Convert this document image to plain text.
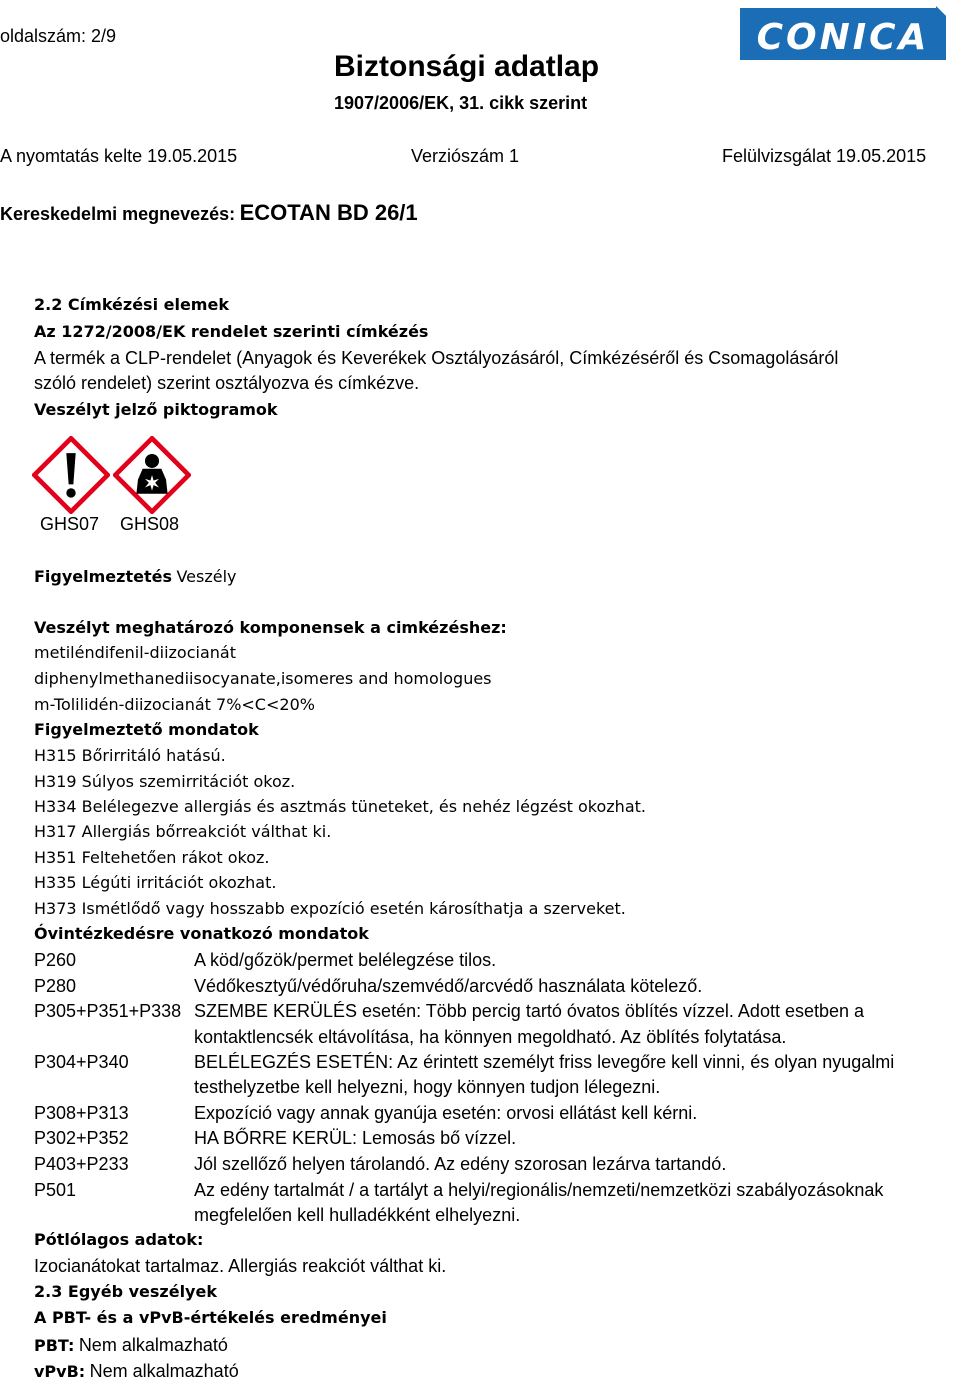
oldalszám: 2/9
Biztonsági adatlap
1907/2006/EK, 31. cikk szerint
CONICA
A nyomtatás kelte 19.05.2015	Verziószám 1	Felülvizsgálat 19.05.2015
Kereskedelmi megnevezés: ECOTAN BD 26/1
2.2 Címkézési elemek
Az 1272/2008/EK rendelet szerinti címkézés
A termék a CLP-rendelet (Anyagok és Keverékek Osztályozásáról, Címkézéséről és Csomagolásáról
szóló rendelet) szerint osztályozva és címkézve.
Veszélyt jelző piktogramok
GHS07 GHS08
Figyelmeztetés Veszély
Veszélyt meghatározó komponensek a cimkézéshez:
metiléndifenil-diizocianát
diphenylmethanediisocyanate,isomeres and homologues
m-Tolilidén-diizocianát 7%<C<20%
Figyelmeztető mondatok
H315 Bőrirritáló hatású.
H319 Súlyos szemirritációt okoz.
H334 Belélegezve allergiás és asztmás tüneteket, és nehéz légzést okozhat.
H317 Allergiás bőrreakciót válthat ki.
H351 Feltehetően rákot okoz.
H335 Légúti irritációt okozhat.
H373 Ismétlődő vagy hosszabb expozíció esetén károsíthatja a szerveket.
Óvintézkedésre vonatkozó mondatok
P260	A köd/gőzök/permet belélegzése tilos.
P280	Védőkesztyű/védőruha/szemvédő/arcvédő használata kötelező.
P305+P351+P338 SZEMBE KERÜLÉS esetén: Több percig tartó óvatos öblítés vízzel. Adott esetben a
kontaktlencsék eltávolítása, ha könnyen megoldható. Az öblítés folytatása.
P304+P340	BELÉLEGZÉS ESETÉN: Az érintett személyt friss levegőre kell vinni, és olyan nyugalmi
testhelyzetbe kell helyezni, hogy könnyen tudjon lélegezni.
P308+P313	Expozíció vagy annak gyanúja esetén: orvosi ellátást kell kérni.
P302+P352	HA BŐRRE KERÜL: Lemosás bő vízzel.
P403+P233	Jól szellőző helyen tárolandó. Az edény szorosan lezárva tartandó.
P501	Az edény tartalmát / a tartályt a helyi/regionális/nemzeti/nemzetközi szabályozásoknak
megfelelően kell hulladékként elhelyezni.
Pótlólagos adatok:
Izocianátokat tartalmaz. Allergiás reakciót válthat ki.
2.3 Egyéb veszélyek
A PBT- és a vPvB-értékelés eredményei
PBT: Nem alkalmazható
vPvB: Nem alkalmazható
